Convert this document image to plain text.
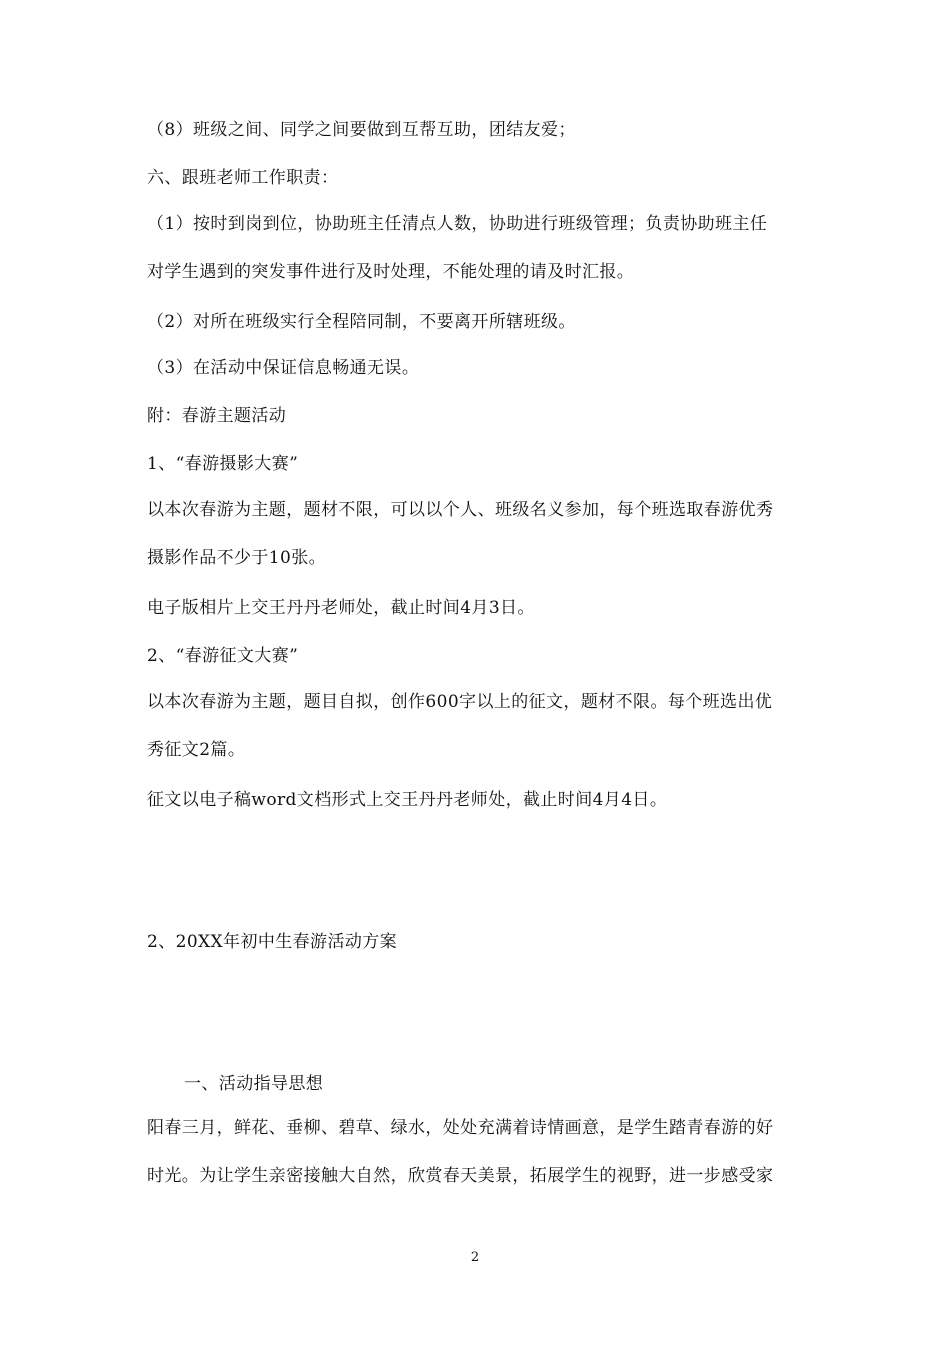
（8）班级之间、同学之间要做到互帮互助，团结友爱；
六、跟班老师工作职责：
（1）按时到岗到位，协助班主任清点人数，协助进行班级管理；负责协助班主任
对学生遇到的突发事件进行及时处理，不能处理的请及时汇报。
（2）对所在班级实行全程陪同制，不要离开所辖班级。
（3）在活动中保证信息畅通无误。
附：春游主题活动
1、“春游摄影大赛”
以本次春游为主题，题材不限，可以以个人、班级名义参加，每个班选取春游优秀
摄影作品不少于10张。
电子版相片上交王丹丹老师处，截止时间4月3日。
2、“春游征文大赛”
以本次春游为主题，题目自拟，创作600字以上的征文，题材不限。每个班选出优
秀征文2篇。
征文以电子稿word文档形式上交王丹丹老师处，截止时间4月4日。
2、20XX年初中生春游活动方案
一、活动指导思想
阳春三月，鲜花、垂柳、碧草、绿水，处处充满着诗情画意，是学生踏青春游的好
时光。为让学生亲密接触大自然，欣赏春天美景，拓展学生的视野，进一步感受家
2
